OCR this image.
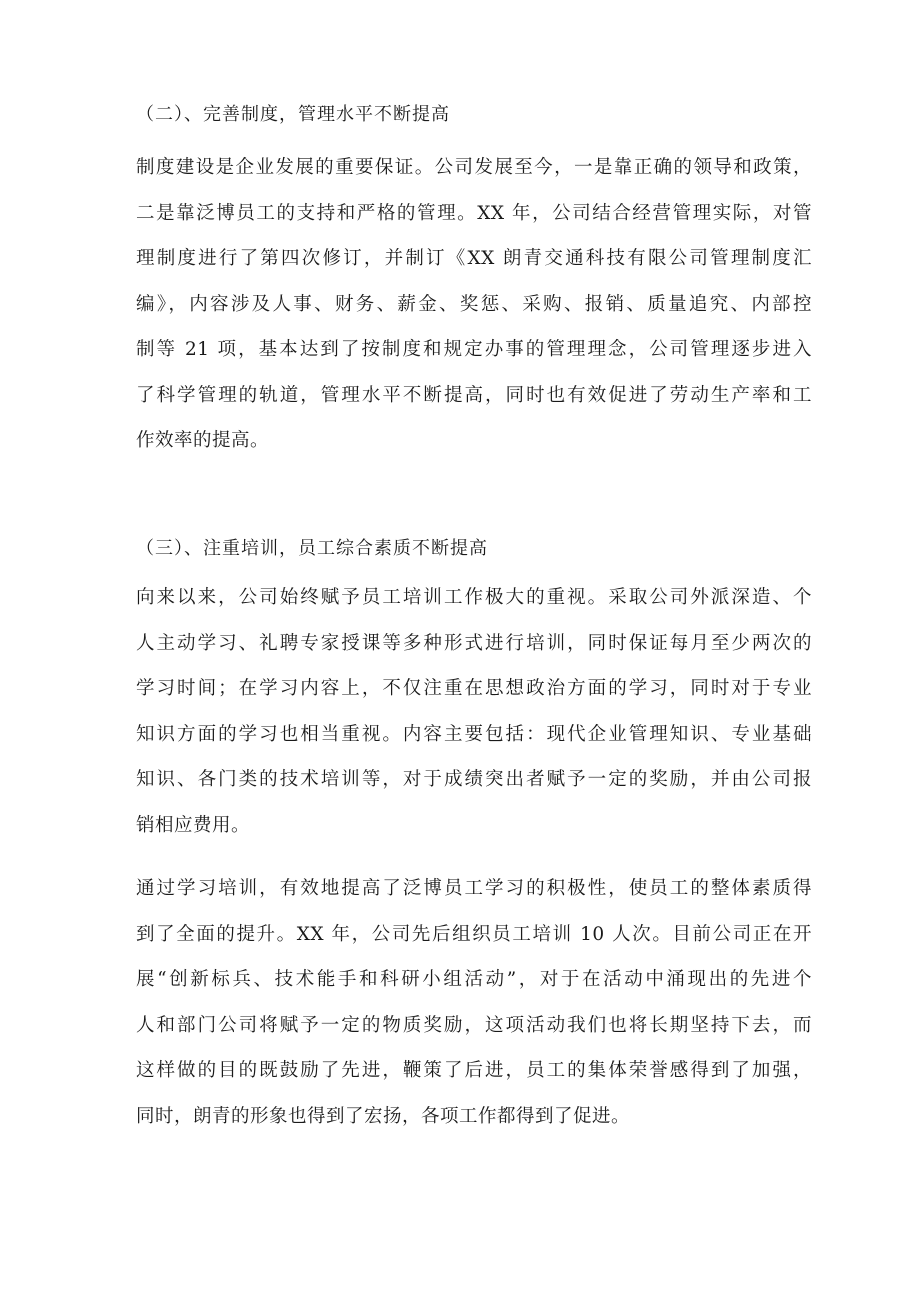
（二）、完善制度，管理水平不断提高
制度建设是企业发展的重要保证。公司发展至今，一是靠正确的领导和政策，
二是靠泛博员工的支持和严格的管理。XX 年，公司结合经营管理实际，对管
理制度进行了第四次修订，并制订《XX 朗青交通科技有限公司管理制度汇
编》，内容涉及人事、财务、薪金、奖惩、采购、报销、质量追究、内部控
制等 21 项，基本达到了按制度和规定办事的管理理念，公司管理逐步进入
了科学管理的轨道，管理水平不断提高，同时也有效促进了劳动生产率和工
作效率的提高。
（三）、注重培训，员工综合素质不断提高
向来以来，公司始终赋予员工培训工作极大的重视。采取公司外派深造、个
人主动学习、礼聘专家授课等多种形式进行培训，同时保证每月至少两次的
学习时间；在学习内容上，不仅注重在思想政治方面的学习，同时对于专业
知识方面的学习也相当重视。内容主要包括：现代企业管理知识、专业基础
知识、各门类的技术培训等，对于成绩突出者赋予一定的奖励，并由公司报
销相应费用。
通过学习培训，有效地提高了泛博员工学习的积极性，使员工的整体素质得
到了全面的提升。XX 年，公司先后组织员工培训 10 人次。目前公司正在开
展“创新标兵、技术能手和科研小组活动”，对于在活动中涌现出的先进个
人和部门公司将赋予一定的物质奖励，这项活动我们也将长期坚持下去，而
这样做的目的既鼓励了先进，鞭策了后进，员工的集体荣誉感得到了加强，
同时，朗青的形象也得到了宏扬，各项工作都得到了促进。
